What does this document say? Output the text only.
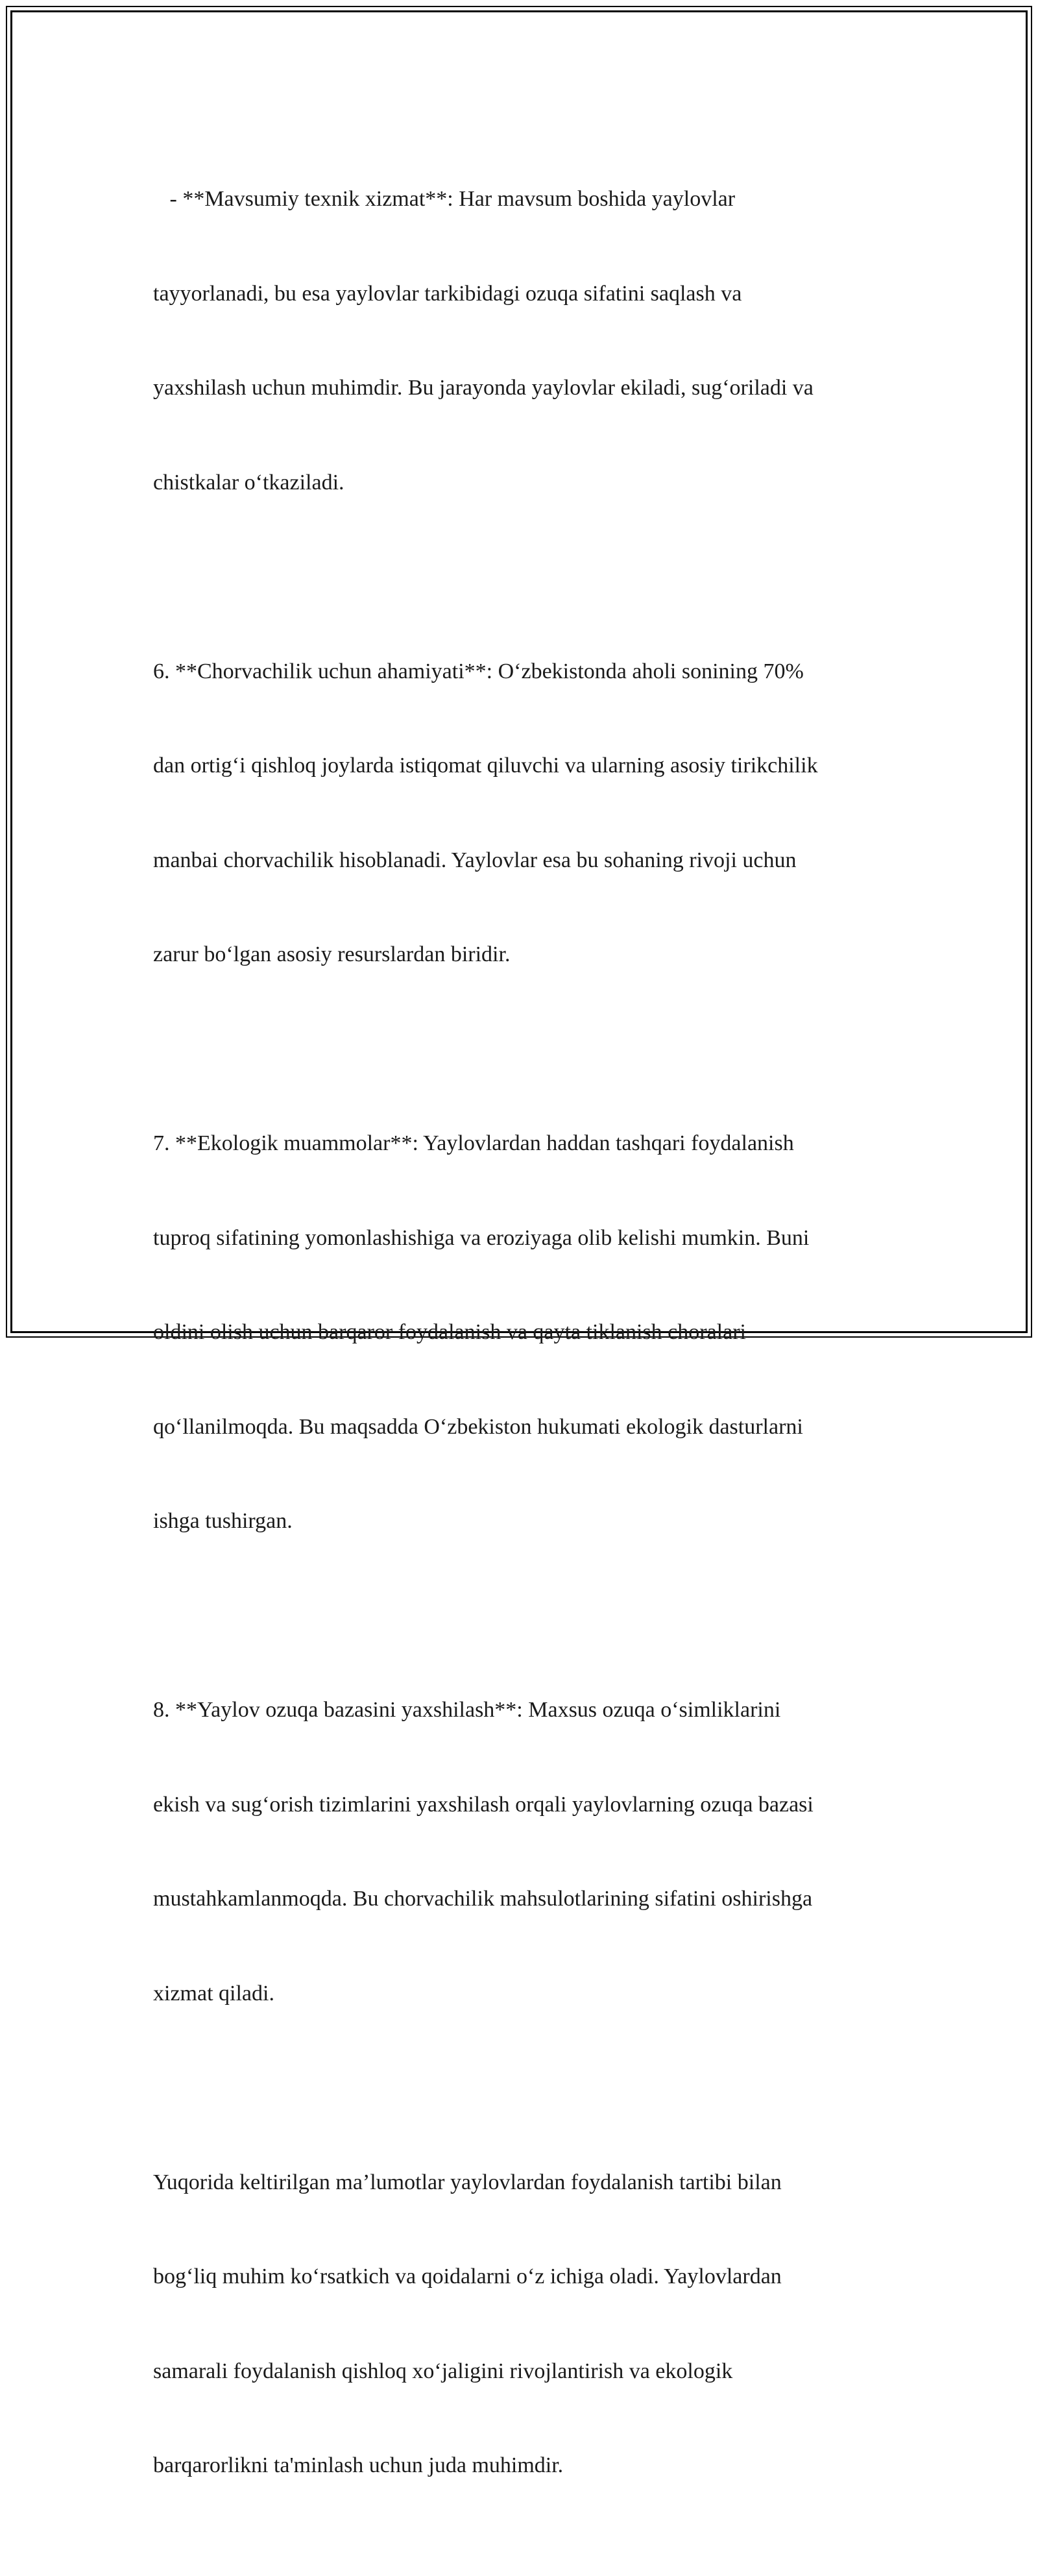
- **Mavsumiy texnik xizmat**: Har mavsum boshida yaylovlar

tayyorlanadi, bu esa yaylovlar tarkibidagi ozuqa sifatini saqlash va

yaxshilash uchun muhimdir. Bu jarayonda yaylovlar ekiladi, sug‘oriladi va

chistkalar o‘tkaziladi.

6. **Chorvachilik uchun ahamiyati**: O‘zbekistonda aholi sonining 70%

dan ortig‘i qishloq joylarda istiqomat qiluvchi va ularning asosiy tirikchilik

manbai chorvachilik hisoblanadi. Yaylovlar esa bu sohaning rivoji uchun

zarur bo‘lgan asosiy resurslardan biridir.

7. **Ekologik muammolar**: Yaylovlardan haddan tashqari foydalanish

tuproq sifatining yomonlashishiga va eroziyaga olib kelishi mumkin. Buni

oldini olish uchun barqaror foydalanish va qayta tiklanish choralari

qo‘llanilmoqda. Bu maqsadda O‘zbekiston hukumati ekologik dasturlarni

ishga tushirgan.

8. **Yaylov ozuqa bazasini yaxshilash**: Maxsus ozuqa o‘simliklarini

ekish va sug‘orish tizimlarini yaxshilash orqali yaylovlarning ozuqa bazasi

mustahkamlanmoqda. Bu chorvachilik mahsulotlarining sifatini oshirishga

xizmat qiladi.

Yuqorida keltirilgan ma’lumotlar yaylovlardan foydalanish tartibi bilan

bog‘liq muhim ko‘rsatkich va qoidalarni o‘z ichiga oladi. Yaylovlardan

samarali foydalanish qishloq xo‘jaligini rivojlantirish va ekologik

barqarorlikni ta'minlash uchun juda muhimdir.
